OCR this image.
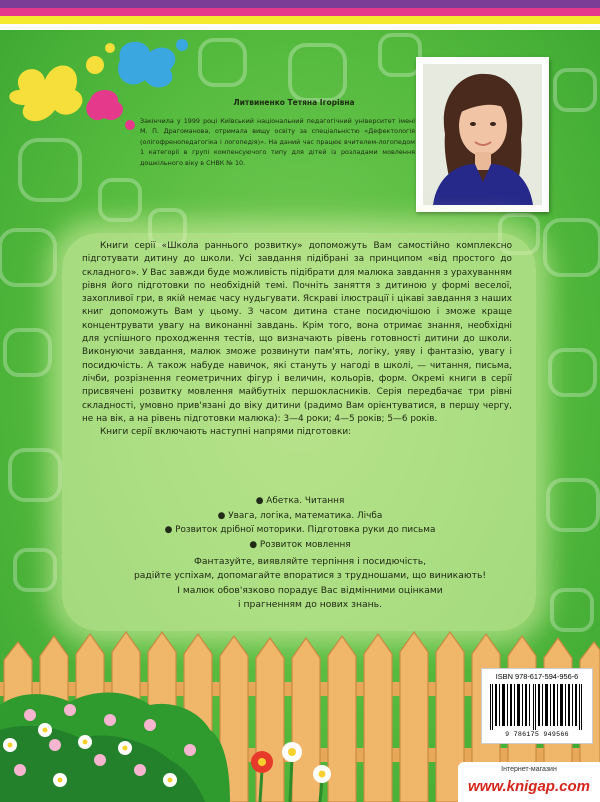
Литвиненко Тетяна Ігорівна
Закінчила у 1999 році Київський національний педагогічний університет імені М. П. Драгоманова, отримала вищу освіту за спеціальністю «Дефектологія (олігофренопедагогіка і логопедія)». На даний час працює вчителем-логопедом 1 категорії в групі компенсуючого типу для дітей із розладами мовлення дошкільного віку в СНВК № 10.

Книги серії «Школа раннього розвитку» допоможуть Вам самостійно комплексно підготувати дитину до школи. Усі завдання підібрані за принципом «від простого до складного». У Вас завжди буде можливість підібрати для малюка завдання з урахуванням рівня його підготовки по необхідній темі. Почніть заняття з дитиною у формі веселої, захопливої гри, в якій немає часу нудьгувати. Яскраві ілюстрації і цікаві завдання з наших книг допоможуть Вам у цьому. З часом дитина стане посидючішою і зможе краще концентрувати увагу на виконанні завдань. Крім того, вона отримає знання, необхідні для успішного проходження тестів, що визначають рівень готовності дитини до школи. Виконуючи завдання, малюк зможе розвинути пам'ять, логіку, уяву і фантазію, увагу і посидючість. А також набуде навичок, які стануть у нагоді в школі, — читання, письма, лічби, розрізнення геометричних фігур і величин, кольорів, форм. Окремі книги в серії присвячені розвитку мовлення майбутніх першокласників. Серія передбачає три рівні складності, умовно прив'язані до віку дитини (радимо Вам орієнтуватися, в першу чергу, не на вік, а на рівень підготовки малюка): 3—4 роки; 4—5 років; 5—6 років.

Книги серії включають наступні напрями підготовки:

● Абетка. Читання
● Увага, логіка, математика. Лічба
● Розвиток дрібної моторики. Підготовка руки до письма
● Розвиток мовлення
Фантазуйте, виявляйте терпіння і посидючість,
радійте успіхам, допомагайте впоратися з трудношами, що виникають!
І малюк обов'язково порадує Вас відмінними оцінками
і прагненням до нових знань.
ISBN 978-617-594-956-6
9 786175 949566
Інтернет-магазин
www.knigap.com
